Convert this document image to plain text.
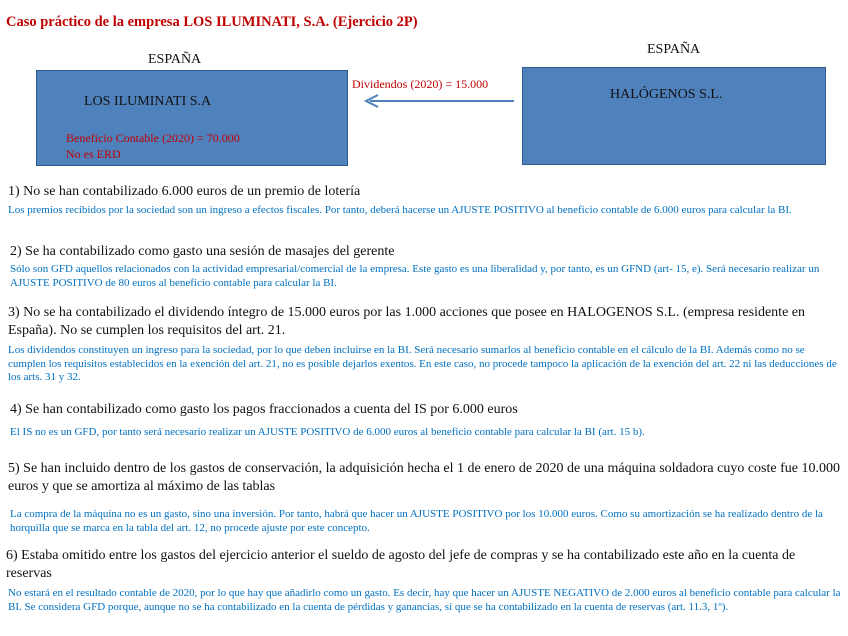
Caso práctico de la empresa LOS ILUMINATI, S.A. (Ejercicio 2P)
ESPAÑA
LOS ILUMINATI S.A
Beneficio Contable (2020) = 70.000
No es ERD
Dividendos (2020) = 15.000
ESPAÑA
HALÓGENOS S.L.
1) No se han contabilizado 6.000 euros de un premio de lotería
Los premios recibidos por la sociedad son un ingreso a efectos fiscales. Por tanto, deberá hacerse un AJUSTE POSITIVO al beneficio contable de 6.000 euros para calcular la BI.
2) Se ha contabilizado como gasto una sesión de masajes del gerente
Sólo son GFD aquellos relacionados con la actividad empresarial/comercial de la empresa. Este gasto es una liberalidad y, por tanto, es un GFND (art- 15, e). Será necesario realizar un AJUSTE POSITIVO de 80 euros al beneficio contable para calcular la BI.
3) No se ha contabilizado el dividendo íntegro de 15.000 euros por las 1.000 acciones que posee en HALOGENOS S.L. (empresa residente en España). No se cumplen los requisitos del art. 21.
Los dividendos constituyen un ingreso para la sociedad, por lo que deben incluirse en la BI. Será necesario sumarlos al beneficio contable en el cálculo de la BI. Además como no se cumplen los requisitos establecidos en la exención del art. 21, no es posible dejarlos exentos. En este caso, no procede tampoco la aplicación de la exención del art. 22 ni las deducciones de los arts. 31 y 32.
4) Se han contabilizado como gasto los pagos fraccionados a cuenta del IS por 6.000 euros
El IS no es un GFD, por tanto será necesario realizar un AJUSTE POSITIVO de 6.000 euros al beneficio contable para calcular la BI (art. 15 b).
5) Se han incluido dentro de los gastos de conservación, la adquisición hecha el 1 de enero de 2020 de una máquina soldadora cuyo coste fue 10.000 euros y que se amortiza al máximo de las tablas
La compra de la máquina no es un gasto, sino una inversión. Por tanto, habrá que hacer un AJUSTE POSITIVO por los 10.000 euros. Como su amortización se ha realizado dentro de la horquilla que se marca en la tabla del art. 12, no procede ajuste por este concepto.
6) Estaba omitido entre los gastos del ejercicio anterior el sueldo de agosto del jefe de compras y se ha contabilizado este año en la cuenta de reservas
No estará en el resultado contable de 2020, por lo que hay que añadirlo como un gasto. Es decir, hay que hacer un AJUSTE NEGATIVO de 2.000 euros al beneficio contable para calcular la BI. Se considera GFD porque, aunque no se ha contabilizado en la cuenta de pérdidas y ganancias, sí que se ha contabilizado en la cuenta de reservas (art. 11.3, 1º).
